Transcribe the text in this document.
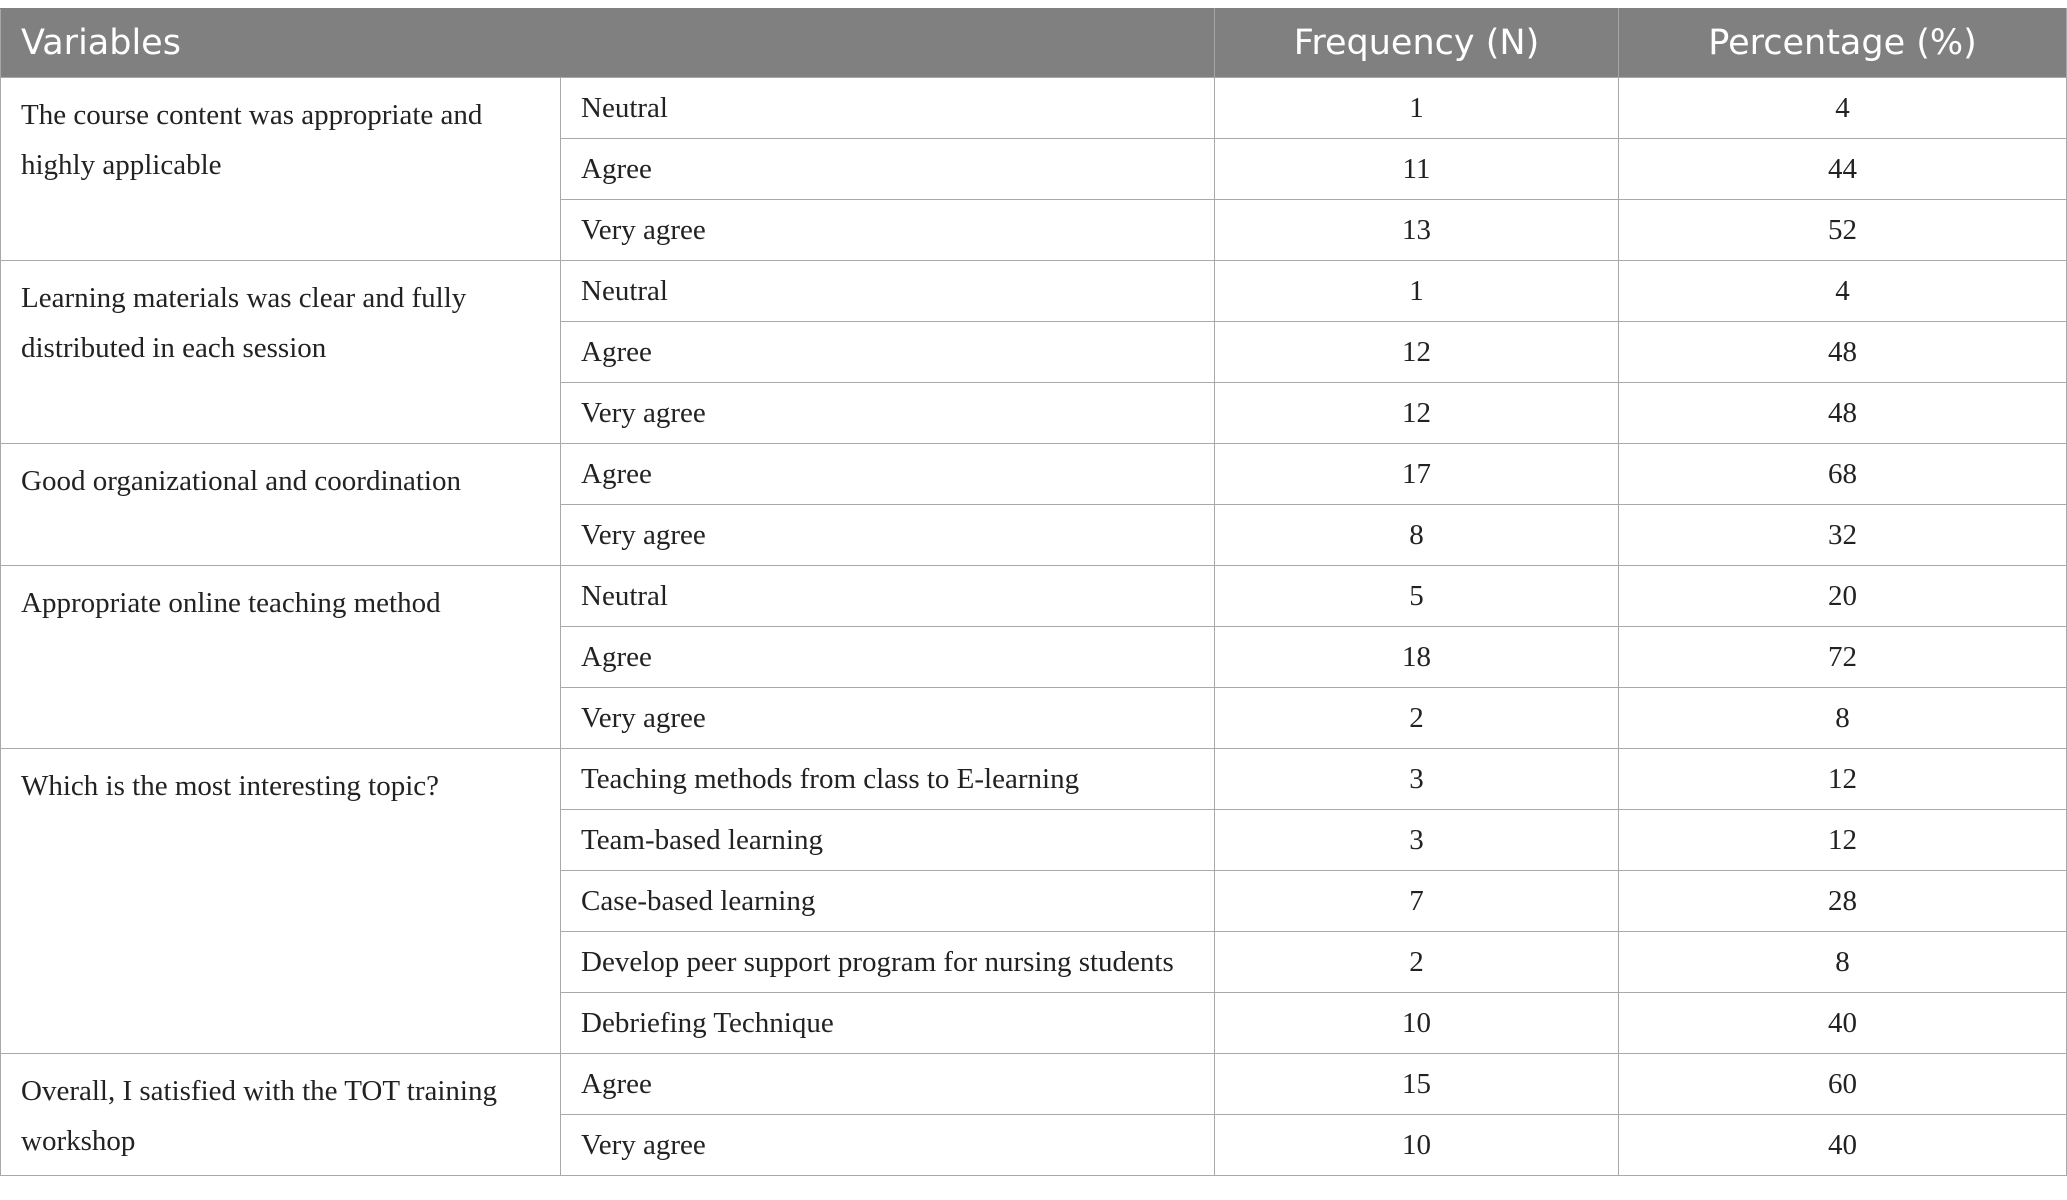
Variables		Frequency (N)	Percentage (%)
The course content was appropriate and highly applicable	Neutral	1	4
	Agree	11	44
	Very agree	13	52
Learning materials was clear and fully distributed in each session	Neutral	1	4
	Agree	12	48
	Very agree	12	48
Good organizational and coordination	Agree	17	68
	Very agree	8	32
Appropriate online teaching method	Neutral	5	20
	Agree	18	72
	Very agree	2	8
Which is the most interesting topic?	Teaching methods from class to E-learning	3	12
	Team-based learning	3	12
	Case-based learning	7	28
	Develop peer support program for nursing students	2	8
	Debriefing Technique	10	40
Overall, I satisfied with the TOT training workshop	Agree	15	60
	Very agree	10	40
